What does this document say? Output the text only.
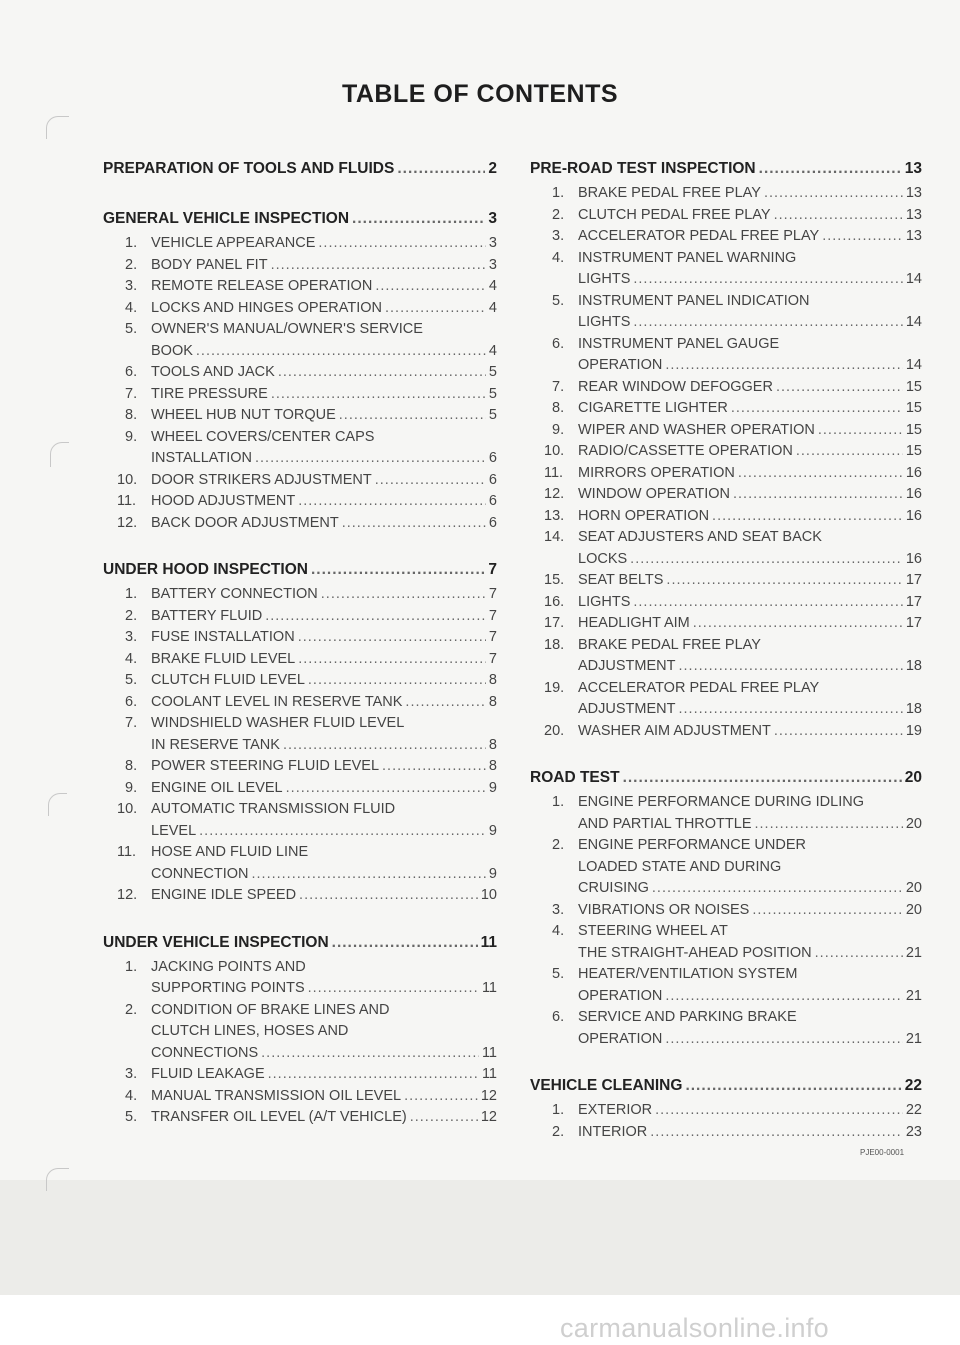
TABLE OF CONTENTS
PREPARATION OF TOOLS AND FLUIDS .....	2
GENERAL VEHICLE INSPECTION .....	3
1. VEHICLE APPEARANCE .....	3
2. BODY PANEL FIT .....	3
3. REMOTE RELEASE OPERATION .....	4
4. LOCKS AND HINGES OPERATION .....	4
5. OWNER'S MANUAL/OWNER'S SERVICE
BOOK .....	4
6. TOOLS AND JACK .....	5
7. TIRE PRESSURE .....	5
8. WHEEL HUB NUT TORQUE .....	5
9. WHEEL COVERS/CENTER CAPS
INSTALLATION .....	6
10. DOOR STRIKERS ADJUSTMENT .....	6
11.	HOOD ADJUSTMENT .....	6
12. BACK DOOR ADJUSTMENT .....	6
UNDER HOOD INSPECTION .....	7
1. BATTERY CONNECTION .....	7
2. BATTERY FLUID .....	7
3. FUSE INSTALLATION .....	7
4. BRAKE FLUID LEVEL .....	7
5. CLUTCH FLUID LEVEL .....	8
6. COOLANT LEVEL IN RESERVE TANK .....	8
7. WINDSHIELD WASHER FLUID LEVEL
IN RESERVE TANK .....	8
8. POWER STEERING FLUID LEVEL .....	8
9. ENGINE OIL LEVEL .....	9
10. AUTOMATIC TRANSMISSION FLUID
LEVEL .....	9
11.	HOSE AND FLUID LINE
CONNECTION .....	9
12. ENGINE IDLE SPEED .....	10
UNDER VEHICLE INSPECTION .....	11
1. JACKING POINTS AND
SUPPORTING POINTS .....	11
2. CONDITION OF BRAKE LINES AND
CLUTCH LINES, HOSES AND
CONNECTIONS .....	11
3. FLUID LEAKAGE .....	11
4. MANUAL TRANSMISSION OIL LEVEL .....	12
5. TRANSFER OIL LEVEL (A/T VEHICLE) .....	12
PRE-ROAD TEST INSPECTION .....	13
1. BRAKE PEDAL FREE PLAY .....	13
2. CLUTCH PEDAL FREE PLAY .....	13
3. ACCELERATOR PEDAL FREE PLAY .....	13
4. INSTRUMENT PANEL WARNING
LIGHTS .....	14
5. INSTRUMENT PANEL INDICATION
LIGHTS .....	14
6. INSTRUMENT PANEL GAUGE
OPERATION .....	14
7. REAR WINDOW DEFOGGER .....	15
8. CIGARETTE LIGHTER .....	15
9. WIPER AND WASHER OPERATION .....	15
10. RADIO/CASSETTE OPERATION .....	15
11.	MIRRORS OPERATION .....	16
12. WINDOW OPERATION .....	16
13. HORN OPERATION .....	16
14. SEAT ADJUSTERS AND SEAT BACK
LOCKS .....	16
15. SEAT BELTS .....	17
16. LIGHTS .....	17
17. HEADLIGHT AIM .....	17
18. BRAKE PEDAL FREE PLAY
ADJUSTMENT .....	18
19. ACCELERATOR PEDAL FREE PLAY
ADJUSTMENT .....	18
20. WASHER AIM ADJUSTMENT .....	19
ROAD TEST .....	20
1. ENGINE PERFORMANCE DURING IDLING
AND PARTIAL THROTTLE .....	20
2. ENGINE PERFORMANCE UNDER
LOADED STATE AND DURING
CRUISING .....	20
3. VIBRATIONS OR NOISES .....	20
4. STEERING WHEEL AT
THE STRAIGHT-AHEAD POSITION .....	21
5. HEATER/VENTILATION SYSTEM
OPERATION .....	21
6. SERVICE AND PARKING BRAKE
OPERATION .....	21
VEHICLE CLEANING .....	22
1. EXTERIOR .....	22
2. INTERIOR .....	23
PJE00-0001
carmanualsonline.info
